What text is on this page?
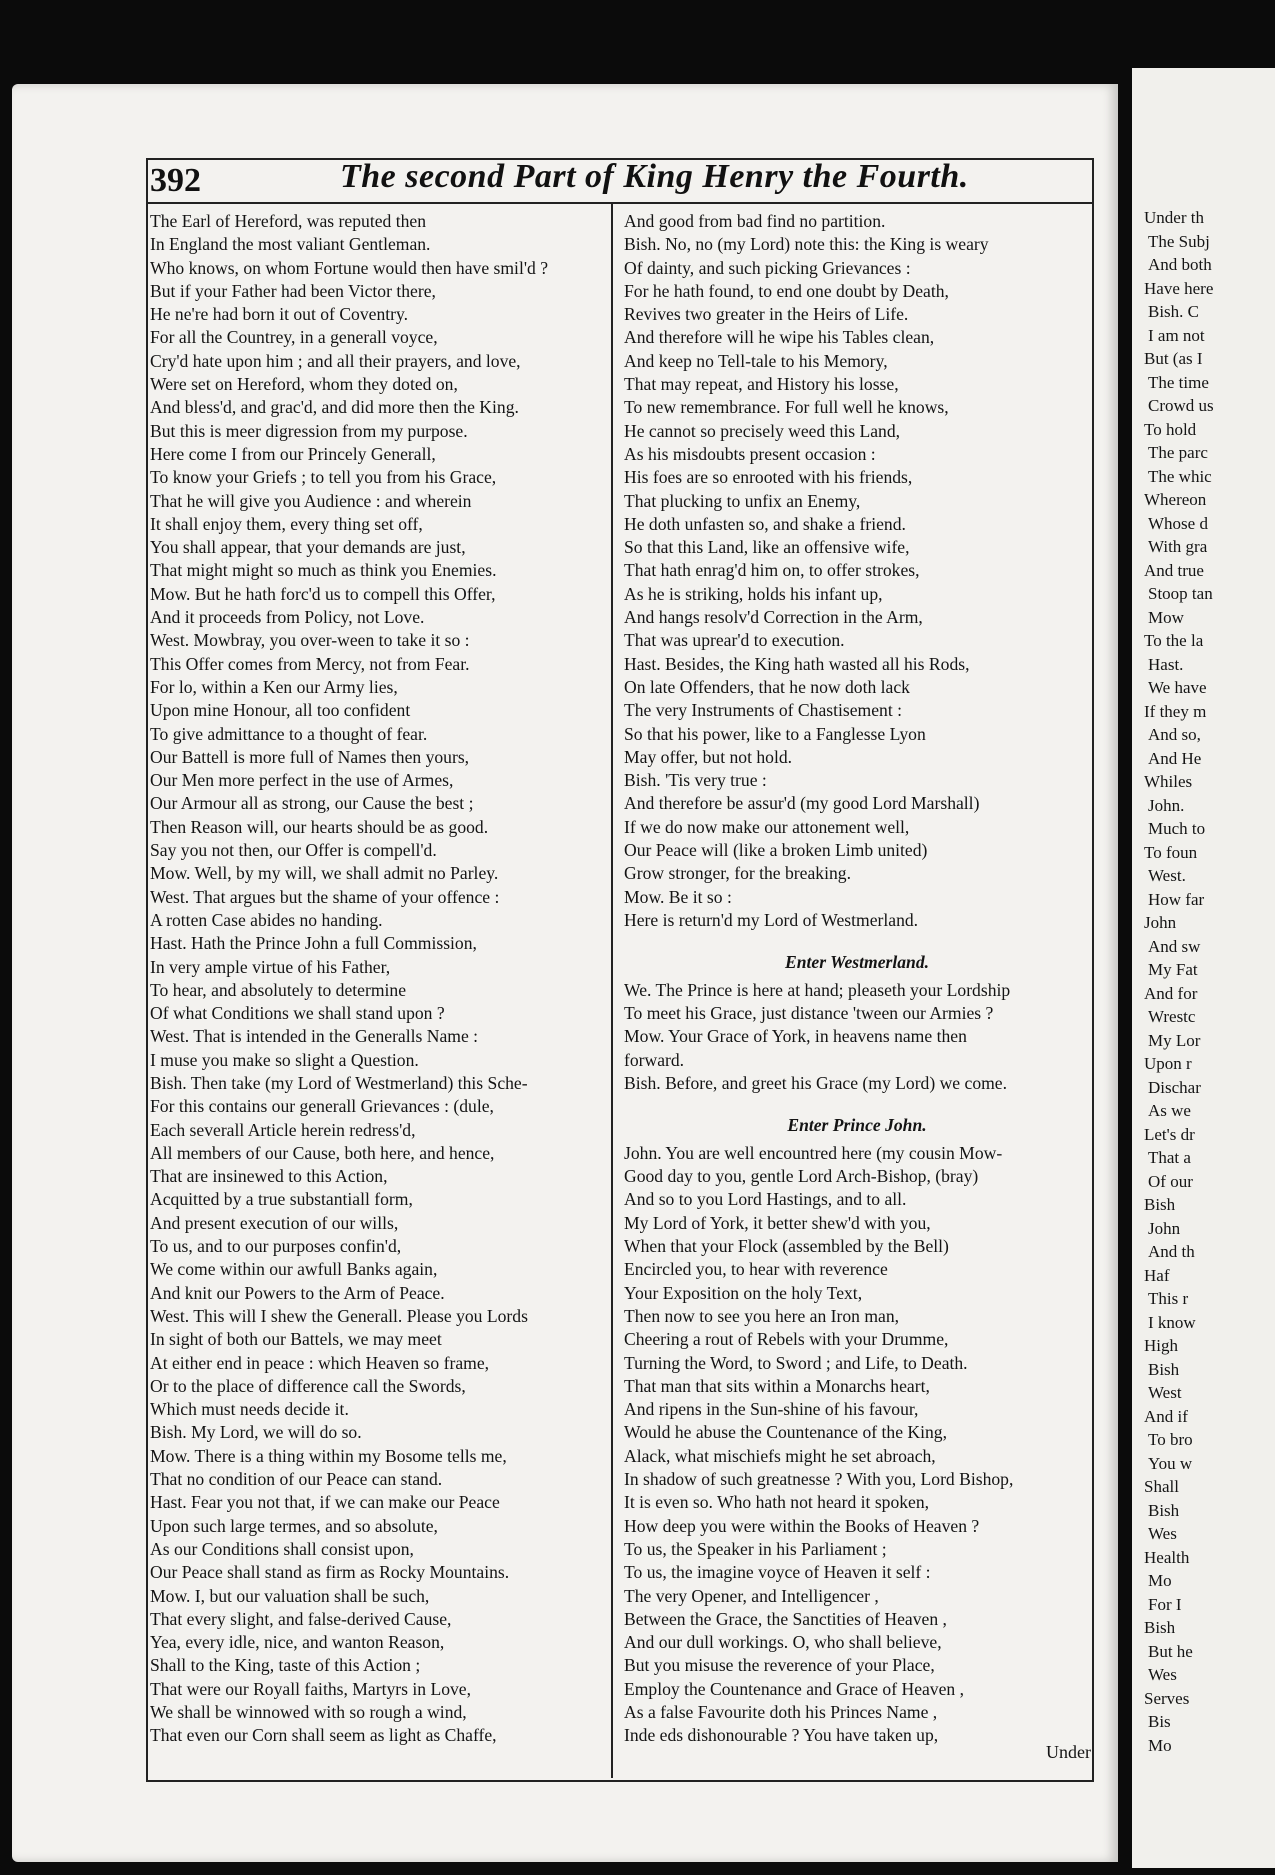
Under th
The Subj
And both
Have here
Bish. C
I am not
But (as I
The time
Crowd us
To hold
The parc
The whic
Whereon
Whose d
With gra
And true
Stoop tan
Mow
To the la
Hast.
We have
If they m
And so,
And He
Whiles
John.
Much to
To foun
West.
How far
John
And sw
My Fat
And for
Wrestc
My Lor
Upon r
Dischar
As we
Let's dr
That a
Of our
Bish
John
And th
Haf
This r
I know
High
Bish
West
And if
To bro
You w
Shall
Bish
Wes
Health
Mo
For I
Bish
But he
Wes
Serves
Bis
Mo
392	The second Part of King Henry the Fourth.
The Earl of Hereford, was reputed then
In England the most valiant Gentleman.
Who knows, on whom Fortune would then have smil'd ?
But if your Father had been Victor there,
He ne're had born it out of Coventry.
For all the Countrey, in a generall voyce,
Cry'd hate upon him ; and all their prayers, and love,
Were set on Hereford, whom they doted on,
And bless'd, and grac'd, and did more then the King.
But this is meer digression from my purpose.
Here come I from our Princely Generall,
To know your Griefs ; to tell you from his Grace,
That he will give you Audience : and wherein
It shall enjoy them, every thing set off,
You shall appear, that your demands are just,
That might might so much as think you Enemies.
Mow. But he hath forc'd us to compell this Offer,
And it proceeds from Policy, not Love.
West. Mowbray, you over-ween to take it so :
This Offer comes from Mercy, not from Fear.
For lo, within a Ken our Army lies,
Upon mine Honour, all too confident
To give admittance to a thought of fear.
Our Battell is more full of Names then yours,
Our Men more perfect in the use of Armes,
Our Armour all as strong, our Cause the best ;
Then Reason will, our hearts should be as good.
Say you not then, our Offer is compell'd.
Mow. Well, by my will, we shall admit no Parley.
West. That argues but the shame of your offence :
A rotten Case abides no handing.
Hast. Hath the Prince John a full Commission,
In very ample virtue of his Father,
To hear, and absolutely to determine
Of what Conditions we shall stand upon ?
West. That is intended in the Generalls Name :
I muse you make so slight a Question.
Bish. Then take (my Lord of Westmerland) this Sche-
For this contains our generall Grievances : (dule,
Each severall Article herein redress'd,
All members of our Cause, both here, and hence,
That are insinewed to this Action,
Acquitted by a true substantiall form,
And present execution of our wills,
To us, and to our purposes confin'd,
We come within our awfull Banks again,
And knit our Powers to the Arm of Peace.
West. This will I shew the Generall. Please you Lords
In sight of both our Battels, we may meet
At either end in peace : which Heaven so frame,
Or to the place of difference call the Swords,
Which must needs decide it.
Bish. My Lord, we will do so.
Mow. There is a thing within my Bosome tells me,
That no condition of our Peace can stand.
Hast. Fear you not that, if we can make our Peace
Upon such large termes, and so absolute,
As our Conditions shall consist upon,
Our Peace shall stand as firm as Rocky Mountains.
Mow. I, but our valuation shall be such,
That every slight, and false-derived Cause,
Yea, every idle, nice, and wanton Reason,
Shall to the King, taste of this Action ;
That were our Royall faiths, Martyrs in Love,
We shall be winnowed with so rough a wind,
That even our Corn shall seem as light as Chaffe,
And good from bad find no partition.
Bish. No, no (my Lord) note this: the King is weary
Of dainty, and such picking Grievances :
For he hath found, to end one doubt by Death,
Revives two greater in the Heirs of Life.
And therefore will he wipe his Tables clean,
And keep no Tell-tale to his Memory,
That may repeat, and History his losse,
To new remembrance. For full well he knows,
He cannot so precisely weed this Land,
As his misdoubts present occasion :
His foes are so enrooted with his friends,
That plucking to unfix an Enemy,
He doth unfasten so, and shake a friend.
So that this Land, like an offensive wife,
That hath enrag'd him on, to offer strokes,
As he is striking, holds his infant up,
And hangs resolv'd Correction in the Arm,
That was uprear'd to execution.
Hast. Besides, the King hath wasted all his Rods,
On late Offenders, that he now doth lack
The very Instruments of Chastisement :
So that his power, like to a Fanglesse Lyon
May offer, but not hold.
Bish. 'Tis very true :
And therefore be assur'd (my good Lord Marshall)
If we do now make our attonement well,
Our Peace will (like a broken Limb united)
Grow stronger, for the breaking.
Mow. Be it so :
Here is return'd my Lord of Westmerland.
Enter Westmerland.
We. The Prince is here at hand; pleaseth your Lordship
To meet his Grace, just distance 'tween our Armies ?
Mow. Your Grace of York, in heavens name then
forward.
Bish. Before, and greet his Grace (my Lord) we come.
Enter Prince John.
John. You are well encountred here (my cousin Mow-
Good day to you, gentle Lord Arch-Bishop, (bray)
And so to you Lord Hastings, and to all.
My Lord of York, it better shew'd with you,
When that your Flock (assembled by the Bell)
Encircled you, to hear with reverence
Your Exposition on the holy Text,
Then now to see you here an Iron man,
Cheering a rout of Rebels with your Drumme,
Turning the Word, to Sword ; and Life, to Death.
That man that sits within a Monarchs heart,
And ripens in the Sun-shine of his favour,
Would he abuse the Countenance of the King,
Alack, what mischiefs might he set abroach,
In shadow of such greatnesse ? With you, Lord Bishop,
It is even so. Who hath not heard it spoken,
How deep you were within the Books of Heaven ?
To us, the Speaker in his Parliament ;
To us, the imagine voyce of Heaven it self :
The very Opener, and Intelligencer ,
Between the Grace, the Sanctities of Heaven ,
And our dull workings. O, who shall believe,
But you misuse the reverence of your Place,
Employ the Countenance and Grace of Heaven ,
As a false Favourite doth his Princes Name ,
Inde eds dishonourable ? You have taken up,
Under
